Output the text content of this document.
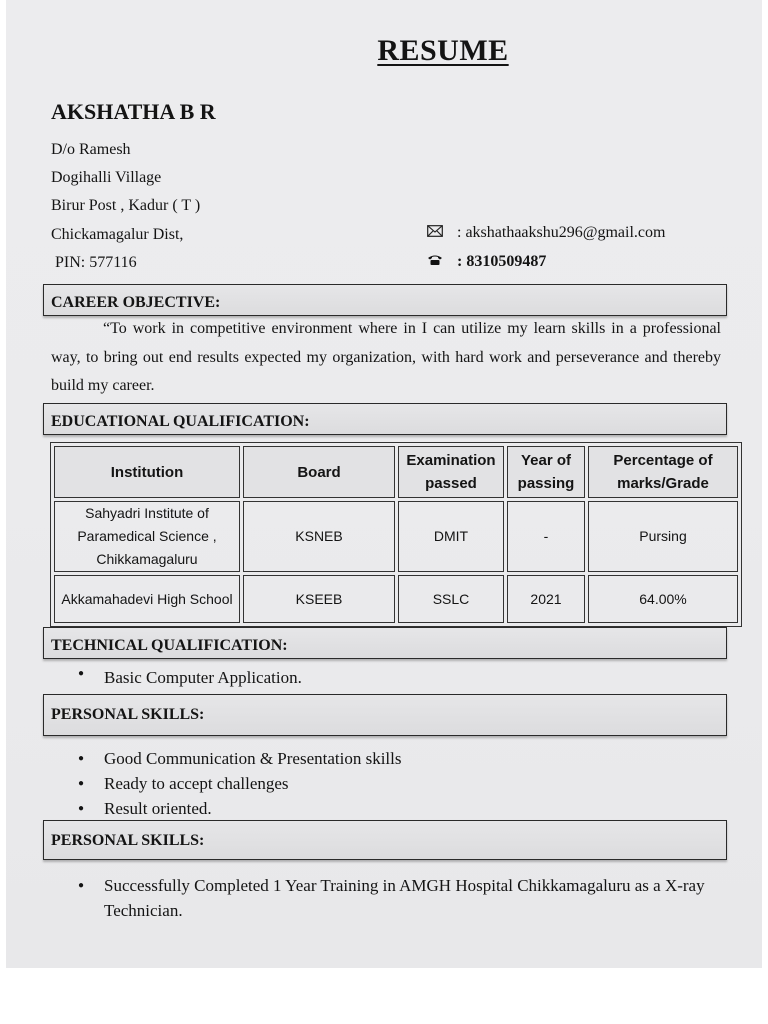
RESUME
AKSHATHA B R
D/o Ramesh
Dogihalli Village
Birur Post , Kadur ( T )
Chickamagalur Dist,
PIN: 577116
: akshathaakshu296@gmail.com
: 8310509487
CAREER OBJECTIVE:
“To work in competitive environment where in I can utilize my learn skills in a professional way, to bring out end results expected my organization, with hard work and perseverance and thereby build my career.
EDUCATIONAL QUALIFICATION:
Institution	Board	Examination passed	Year of passing	Percentage of marks/Grade
Sahyadri Institute of Paramedical Science , Chikkamagaluru	KSNEB	DMIT	-	Pursing
Akkamahadevi High School	KSEEB	SSLC	2021	64.00%
TECHNICAL QUALIFICATION:
● Basic Computer Application.
PERSONAL SKILLS:
● Good Communication & Presentation skills
● Ready to accept challenges
● Result oriented.
PERSONAL SKILLS:
● Successfully Completed 1 Year Training in AMGH Hospital Chikkamagaluru as a X-ray Technician.
